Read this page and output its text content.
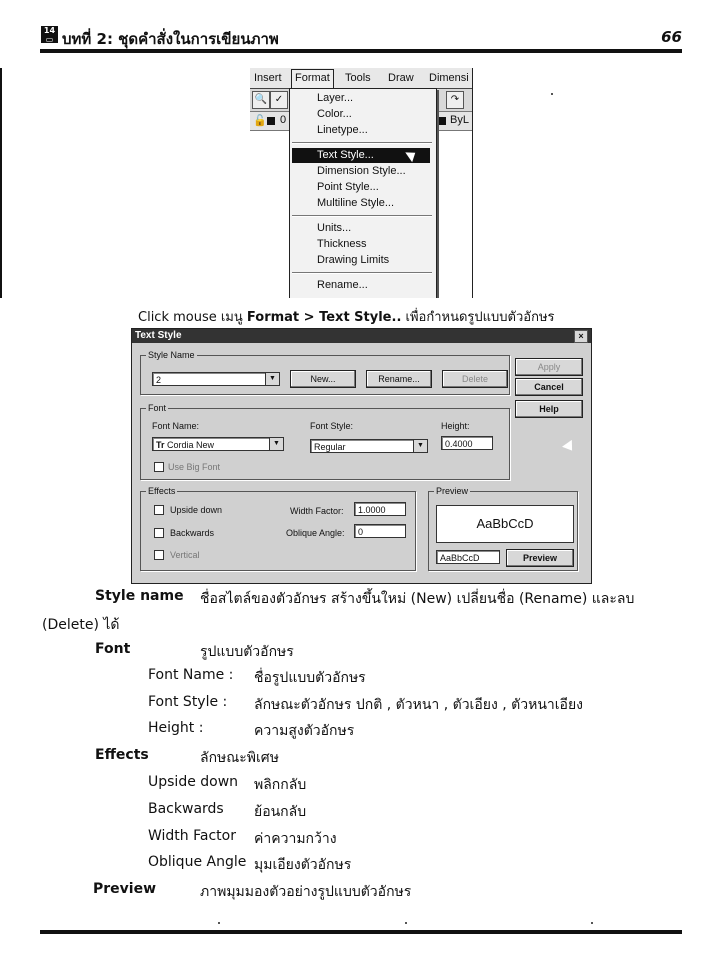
14
▭ บทที่ 2: ชุดคำสั่งในการเขียนภาพ	66
Insert	Format	Tools Draw Dimensi
🔍 ✓	↷
🔓 0	ByL
Layer...
Color...
Linetype...
Text Style...
Dimension Style...
Point Style...
Multiline Style...
Units...
Thickness
Drawing Limits
Rename...
Click mouse เมนู Format > Text Style.. เพื่อกำหนดรูปแบบตัวอักษร
Text Style	×
Style Name
2	▼	New...	Rename...	Delete
Apply
Cancel
Help
Font
Font Name:
Tr Cordia New	▼
Font Style:
Regular	▼
Height:
0.4000
Use Big Font
Effects
Upside down
Backwards
Vertical
Width Factor:	1.0000
Oblique Angle:	0
Preview
AaBbCcD
AaBbCcD	Preview
Style name ชื่อสไตล์ของตัวอักษร สร้างขึ้นใหม่ (New) เปลี่ยนชื่อ (Rename) และลบ
(Delete) ได้
Font	รูปแบบตัวอักษร
Font Name : ชื่อรูปแบบตัวอักษร
Font Style : ลักษณะตัวอักษร ปกติ , ตัวหนา , ตัวเอียง , ตัวหนาเอียง
Height :	ความสูงตัวอักษร
Effects	ลักษณะพิเศษ
Upside down พลิกกลับ
Backwards ย้อนกลับ
Width Factor ค่าความกว้าง
Oblique Angle มุมเอียงตัวอักษร
Preview	ภาพมุมมองตัวอย่างรูปแบบตัวอักษร
